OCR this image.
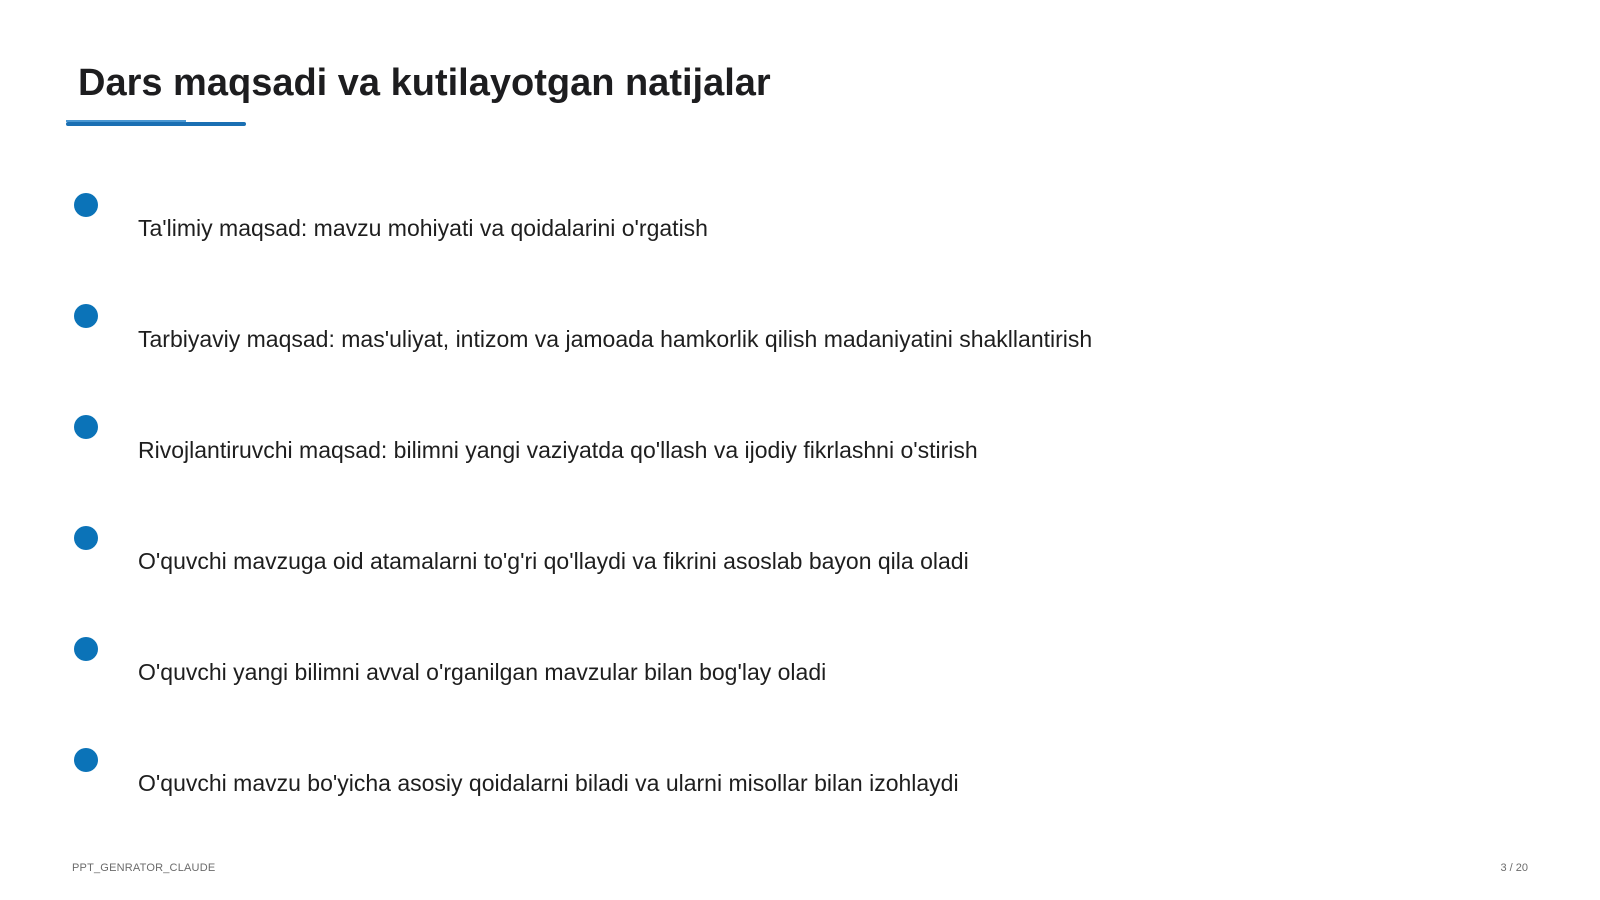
Dars maqsadi va kutilayotgan natijalar
Ta'limiy maqsad: mavzu mohiyati va qoidalarini o'rgatish
Tarbiyaviy maqsad: mas'uliyat, intizom va jamoada hamkorlik qilish madaniyatini shakllantirish
Rivojlantiruvchi maqsad: bilimni yangi vaziyatda qo'llash va ijodiy fikrlashni o'stirish
O'quvchi mavzuga oid atamalarni to'g'ri qo'llaydi va fikrini asoslab bayon qila oladi
O'quvchi yangi bilimni avval o'rganilgan mavzular bilan bog'lay oladi
O'quvchi mavzu bo'yicha asosiy qoidalarni biladi va ularni misollar bilan izohlaydi
PPT_GENRATOR_CLAUDE	3 / 20
